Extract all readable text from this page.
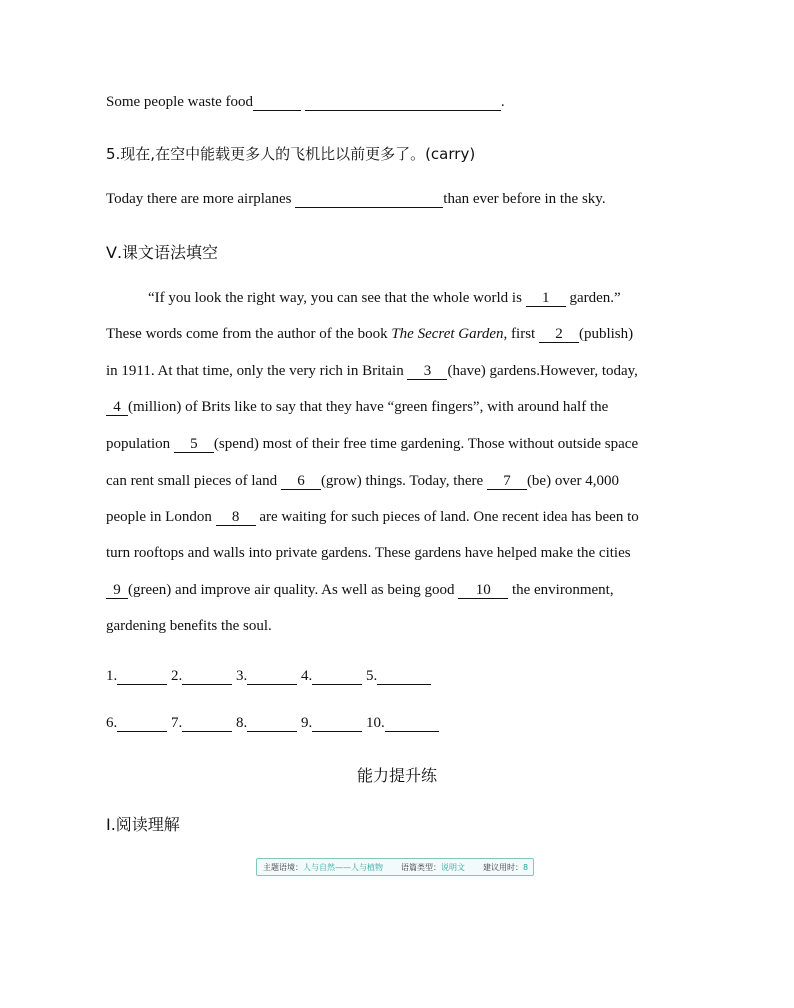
Some people waste food	.
5.现在,在空中能载更多人的飞机比以前更多了。(carry)
Today there are more airplanes	than ever before in the sky.
Ⅴ.课文语法填空
“If you look the right way, you can see that the whole world is 1 garden.”
These words come from the author of the book The Secret Garden, first 2 (publish)
in 1911. At that time, only the very rich in Britain 3 (have) gardens.However, today,
4 (million) of Brits like to say that they have “green fingers”, with around half the
population 5 (spend) most of their free time gardening. Those without outside space
can rent small pieces of land 6 (grow) things. Today, there 7 (be) over 4,000
people in London 8 are waiting for such pieces of land. One recent idea has been to
turn rooftops and walls into private gardens. These gardens have helped make the cities
9 (green) and improve air quality. As well as being good 10 the environment,
gardening benefits the soul.
1.	2.	3.	4.	5.
6.	7.	8.	9.	10.
能力提升练
Ⅰ.阅读理解
主题语境：人与自然——人与植物 语篇类型：说明文 建议用时：8
